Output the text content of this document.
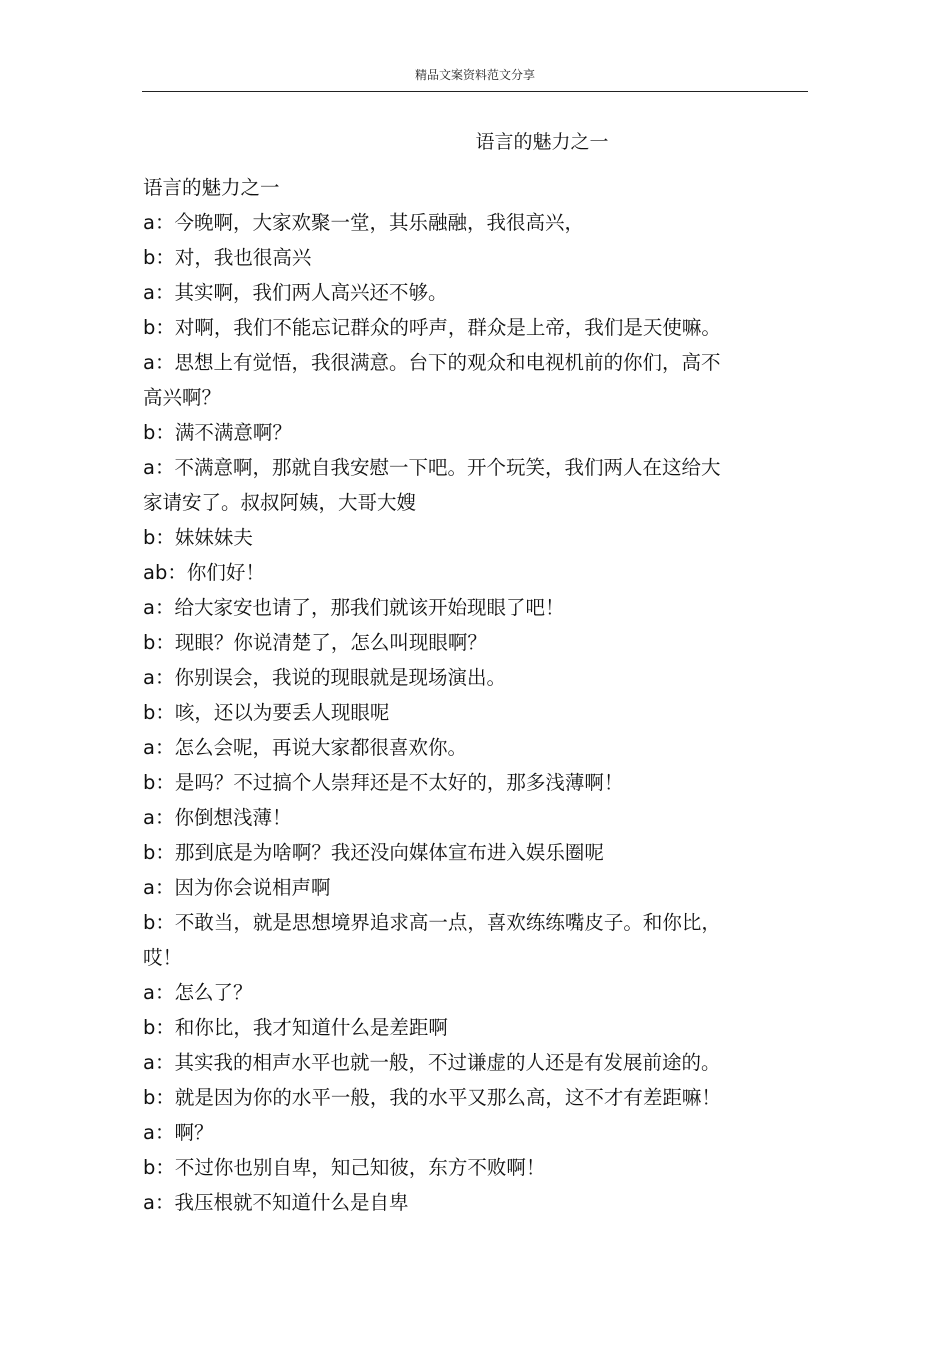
精品文案资料范文分享
语言的魅力之一
语言的魅力之一
a：今晚啊，大家欢聚一堂，其乐融融，我很高兴，
b：对，我也很高兴
a：其实啊，我们两人高兴还不够。
b：对啊，我们不能忘记群众的呼声，群众是上帝，我们是天使嘛。
a：思想上有觉悟，我很满意。台下的观众和电视机前的你们，高不
高兴啊？
b：满不满意啊？
a：不满意啊，那就自我安慰一下吧。开个玩笑，我们两人在这给大
家请安了。叔叔阿姨，大哥大嫂
b：妹妹妹夫
ab：你们好！
a：给大家安也请了，那我们就该开始现眼了吧！
b：现眼？你说清楚了，怎么叫现眼啊？
a：你别误会，我说的现眼就是现场演出。
b：咳，还以为要丢人现眼呢
a：怎么会呢，再说大家都很喜欢你。
b：是吗？不过搞个人崇拜还是不太好的，那多浅薄啊！
a：你倒想浅薄！
b：那到底是为啥啊？我还没向媒体宣布进入娱乐圈呢
a：因为你会说相声啊
b：不敢当，就是思想境界追求高一点，喜欢练练嘴皮子。和你比，
哎！
a：怎么了？
b：和你比，我才知道什么是差距啊
a：其实我的相声水平也就一般，不过谦虚的人还是有发展前途的。
b：就是因为你的水平一般，我的水平又那么高，这不才有差距嘛！
a：啊？
b：不过你也别自卑，知己知彼，东方不败啊！
a：我压根就不知道什么是自卑
